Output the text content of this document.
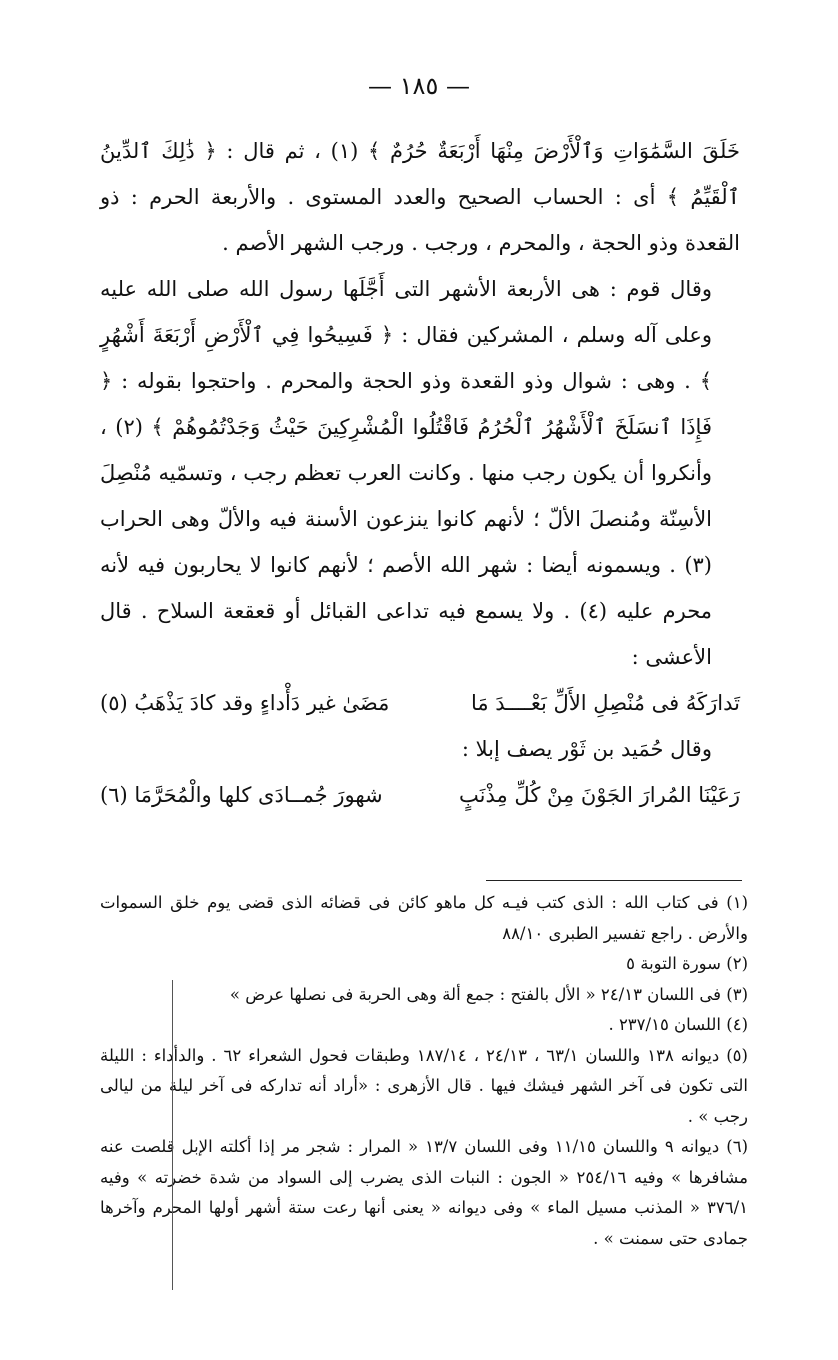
— ١٨٥ —

خَلَقَ السَّمَٰوَاتِ وَٱلْأَرْضَ مِنْهَا أَرْبَعَةٌ حُرُمٌ ﴾ (١) ، ثم قال : ﴿ ذَٰلِكَ ٱلدِّينُ ٱلْقَيِّمُ ﴾ أى : الحساب الصحيح والعدد المستوى . والأربعة الحرم : ذو القعدة وذو الحجة ، والمحرم ، ورجب . ورجب الشهر الأصم .

وقال قوم : هى الأربعة الأشهر التى أَجَّلَها رسول الله صلى الله عليه وعلى آله وسلم ، المشركين فقال : ﴿ فَسِيحُوا فِي ٱلْأَرْضِ أَرْبَعَةَ أَشْهُرٍ ﴾ . وهى : شوال وذو القعدة وذو الحجة والمحرم . واحتجوا بقوله : ﴿ فَإِذَا ٱنسَلَخَ ٱلْأَشْهُرُ ٱلْحُرُمُ فَاقْتُلُوا الْمُشْرِكِينَ حَيْثُ وَجَدْتُمُوهُمْ ﴾ (٢) ، وأنكروا أن يكون رجب منها . وكانت العرب تعظم رجب ، وتسمّيه مُنْصِلَ الأسِنّة ومُنصلَ الألّ ؛ لأنهم كانوا ينزعون الأسنة فيه والألّ وهى الحراب (٣) . ويسمونه أيضا : شهر الله الأصم ؛ لأنهم كانوا لا يحاربون فيه لأنه محرم عليه (٤) . ولا يسمع فيه تداعى القبائل أو قعقعة السلاح . قال الأعشى :

تَدارَكَهُ فى مُنْصِلِ الأَلِّ بَعْــــدَ مَا
مَضَىٰ غير دَأْداءٍ وقد كادَ يَذْهَبُ (٥)

وقال حُمَيد بن ثَوْر يصف إبلا :

رَعَيْنَا المُرارَ الجَوْنَ مِنْ كُلِّ مِذْنَبٍ
شهورَ جُمــادَى كلها والْمُحَرَّمَا (٦)

(١) فى كتاب الله : الذى كتب فيـه كل ماهو كائن فى قضائه الذى قضى يوم خلق السموات والأرض . راجع تفسير الطبرى ٨٨/١٠

(٢) سورة التوبة ٥

(٣) فى اللسان ٢٤/١٣ « الأل بالفتح : جمع ألة وهى الحربة فى نصلها عرض »

(٤) اللسان ٢٣٧/١٥ .

(٥) ديوانه ١٣٨ واللسان ٦٣/١ ، ٢٤/١٣ ، ١٨٧/١٤ وطبقات فحول الشعراء ٦٢ . والدأداء : الليلة التى تكون فى آخر الشهر فيشك فيها . قال الأزهرى : «أراد أنه تداركه فى آخر ليلة من ليالى رجب » .

(٦) ديوانه ٩ واللسان ١١/١٥ وفى اللسان ١٣/٧ « المرار : شجر مر إذا أكلته الإبل قلصت عنه مشافرها » وفيه ٢٥٤/١٦ « الجون : النبات الذى يضرب إلى السواد من شدة خضرته » وفيه ٣٧٦/١ « المذنب مسيل الماء » وفى ديوانه « يعنى أنها رعت ستة أشهر أولها المحرم وآخرها جمادى حتى سمنت » .
